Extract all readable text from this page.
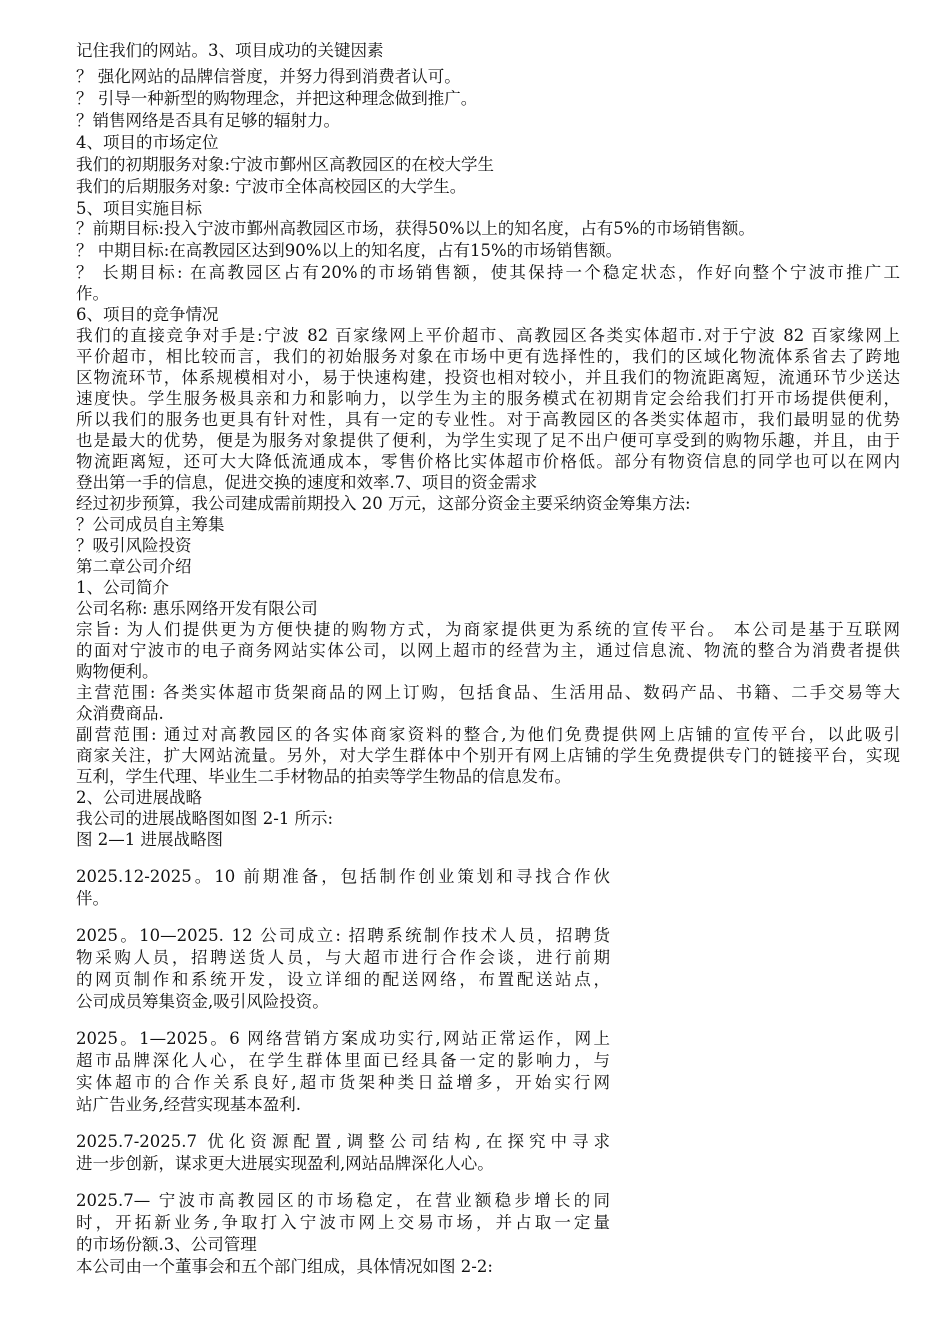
记住我们的网站。3、项目成功的关键因素
？ 强化网站的品牌信誉度，并努力得到消费者认可。
？ 引导一种新型的购物理念，并把这种理念做到推广。
？销售网络是否具有足够的辐射力。
4、项目的市场定位
我们的初期服务对象:宁波市鄞州区高教园区的在校大学生
我们的后期服务对象: 宁波市全体高校园区的大学生。
5、项目实施目标
？前期目标:投入宁波市鄞州高教园区市场，获得50%以上的知名度，占有5%的市场销售额。
？ 中期目标:在高教园区达到90%以上的知名度，占有15%的市场销售额。
？ 长期目标: 在高教园区占有20%的市场销售额，使其保持一个稳定状态，作好向整个宁波市推广工
作。
6、项目的竞争情况
我们的直接竞争对手是:宁波 82 百家缘网上平价超市、高教园区各类实体超市.对于宁波 82 百家缘网上
平价超市，相比较而言，我们的初始服务对象在市场中更有选择性的，我们的区域化物流体系省去了跨地
区物流环节，体系规模相对小，易于快速构建，投资也相对较小，并且我们的物流距离短，流通环节少送达
速度快。学生服务极具亲和力和影响力，以学生为主的服务模式在初期肯定会给我们打开市场提供便利，
所以我们的服务也更具有针对性，具有一定的专业性。对于高教园区的各类实体超市，我们最明显的优势
也是最大的优势，便是为服务对象提供了便利，为学生实现了足不出户便可享受到的购物乐趣，并且，由于
物流距离短，还可大大降低流通成本，零售价格比实体超市价格低。部分有物资信息的同学也可以在网内
登出第一手的信息，促进交换的速度和效率.7、项目的资金需求
经过初步预算，我公司建成需前期投入 20 万元，这部分资金主要采纳资金筹集方法:
？公司成员自主筹集
？吸引风险投资
第二章公司介绍
1、公司简介
公司名称: 惠乐网络开发有限公司
宗旨: 为人们提供更为方便快捷的购物方式，为商家提供更为系统的宣传平台。 本公司是基于互联网
的面对宁波市的电子商务网站实体公司，以网上超市的经营为主，通过信息流、物流的整合为消费者提供
购物便利。
主营范围: 各类实体超市货架商品的网上订购，包括食品、生活用品、数码产品、书籍、二手交易等大
众消费商品.
副营范围: 通过对高教园区的各实体商家资料的整合,为他们免费提供网上店铺的宣传平台，以此吸引
商家关注，扩大网站流量。另外，对大学生群体中个别开有网上店铺的学生免费提供专门的链接平台，实现
互利，学生代理、毕业生二手材物品的拍卖等学生物品的信息发布。
2、公司进展战略
我公司的进展战略图如图 2-1 所示:
图 2—1 进展战略图
2025.12-2025。10 前期准备，包括制作创业策划和寻找合作伙
伴。
2025。10—2025. 12 公司成立: 招聘系统制作技术人员，招聘货
物采购人员，招聘送货人员，与大超市进行合作会谈，进行前期
的网页制作和系统开发，设立详细的配送网络，布置配送站点，
公司成员筹集资金,吸引风险投资。
2025。1—2025。6 网络营销方案成功实行,网站正常运作，网上
超市品牌深化人心，在学生群体里面已经具备一定的影响力，与
实体超市的合作关系良好,超市货架种类日益增多，开始实行网
站广告业务,经营实现基本盈利.
2025.7-2025.7 优化资源配置,调整公司结构,在探究中寻求
进一步创新，谋求更大进展实现盈利,网站品牌深化人心。
2025.7— 宁波市高教园区的市场稳定，在营业额稳步增长的同
时，开拓新业务,争取打入宁波市网上交易市场，并占取一定量
的市场份额.3、公司管理
本公司由一个董事会和五个部门组成，具体情况如图 2-2:
